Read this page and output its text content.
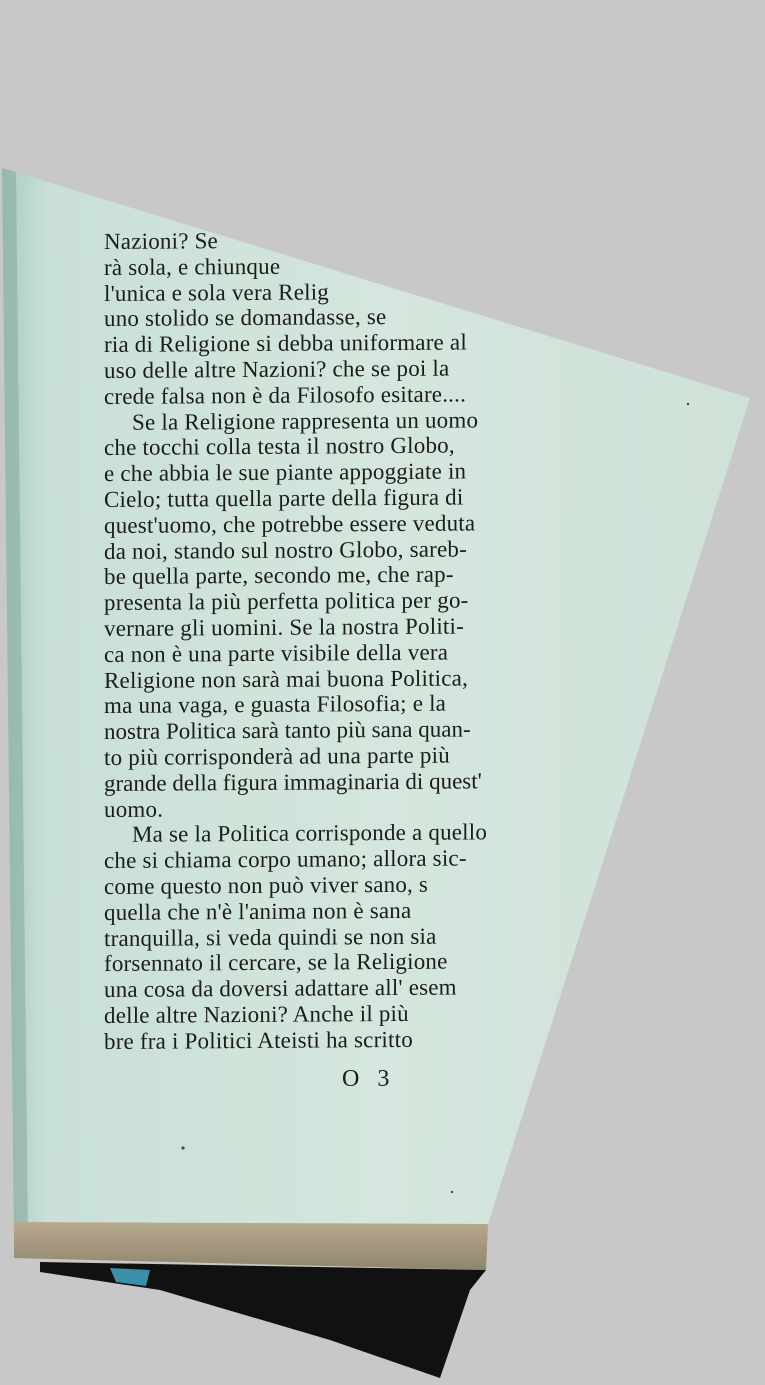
Nazioni? Se
rà sola, e chiunque
l'unica e sola vera Relig
uno stolido se domandasse, se
ria di Religione si debba uniformare al
uso delle altre Nazioni? che se poi la
crede falsa non è da Filosofo esitare....
Se la Religione rappresenta un uomo
che tocchi colla testa il nostro Globo,
e che abbia le sue piante appoggiate in
Cielo; tutta quella parte della figura di
quest'uomo, che potrebbe essere veduta
da noi, stando sul nostro Globo, sareb-
be quella parte, secondo me, che rap-
presenta la più perfetta politica per go-
vernare gli uomini. Se la nostra Politi-
ca non è una parte visibile della vera
Religione non sarà mai buona Politica,
ma una vaga, e guasta Filosofia; e la
nostra Politica sarà tanto più sana quan-
to più corrisponderà ad una parte più
grande della figura immaginaria di quest'
uomo.
Ma se la Politica corrisponde a quello
che si chiama corpo umano; allora sic-
come questo non può viver sano, s
quella che n'è l'anima non è sana
tranquilla, si veda quindi se non sia
forsennato il cercare, se la Religione
una cosa da doversi adattare all' esem
delle altre Nazioni? Anche il più
bre fra i Politici Ateisti ha scritto
O 3
